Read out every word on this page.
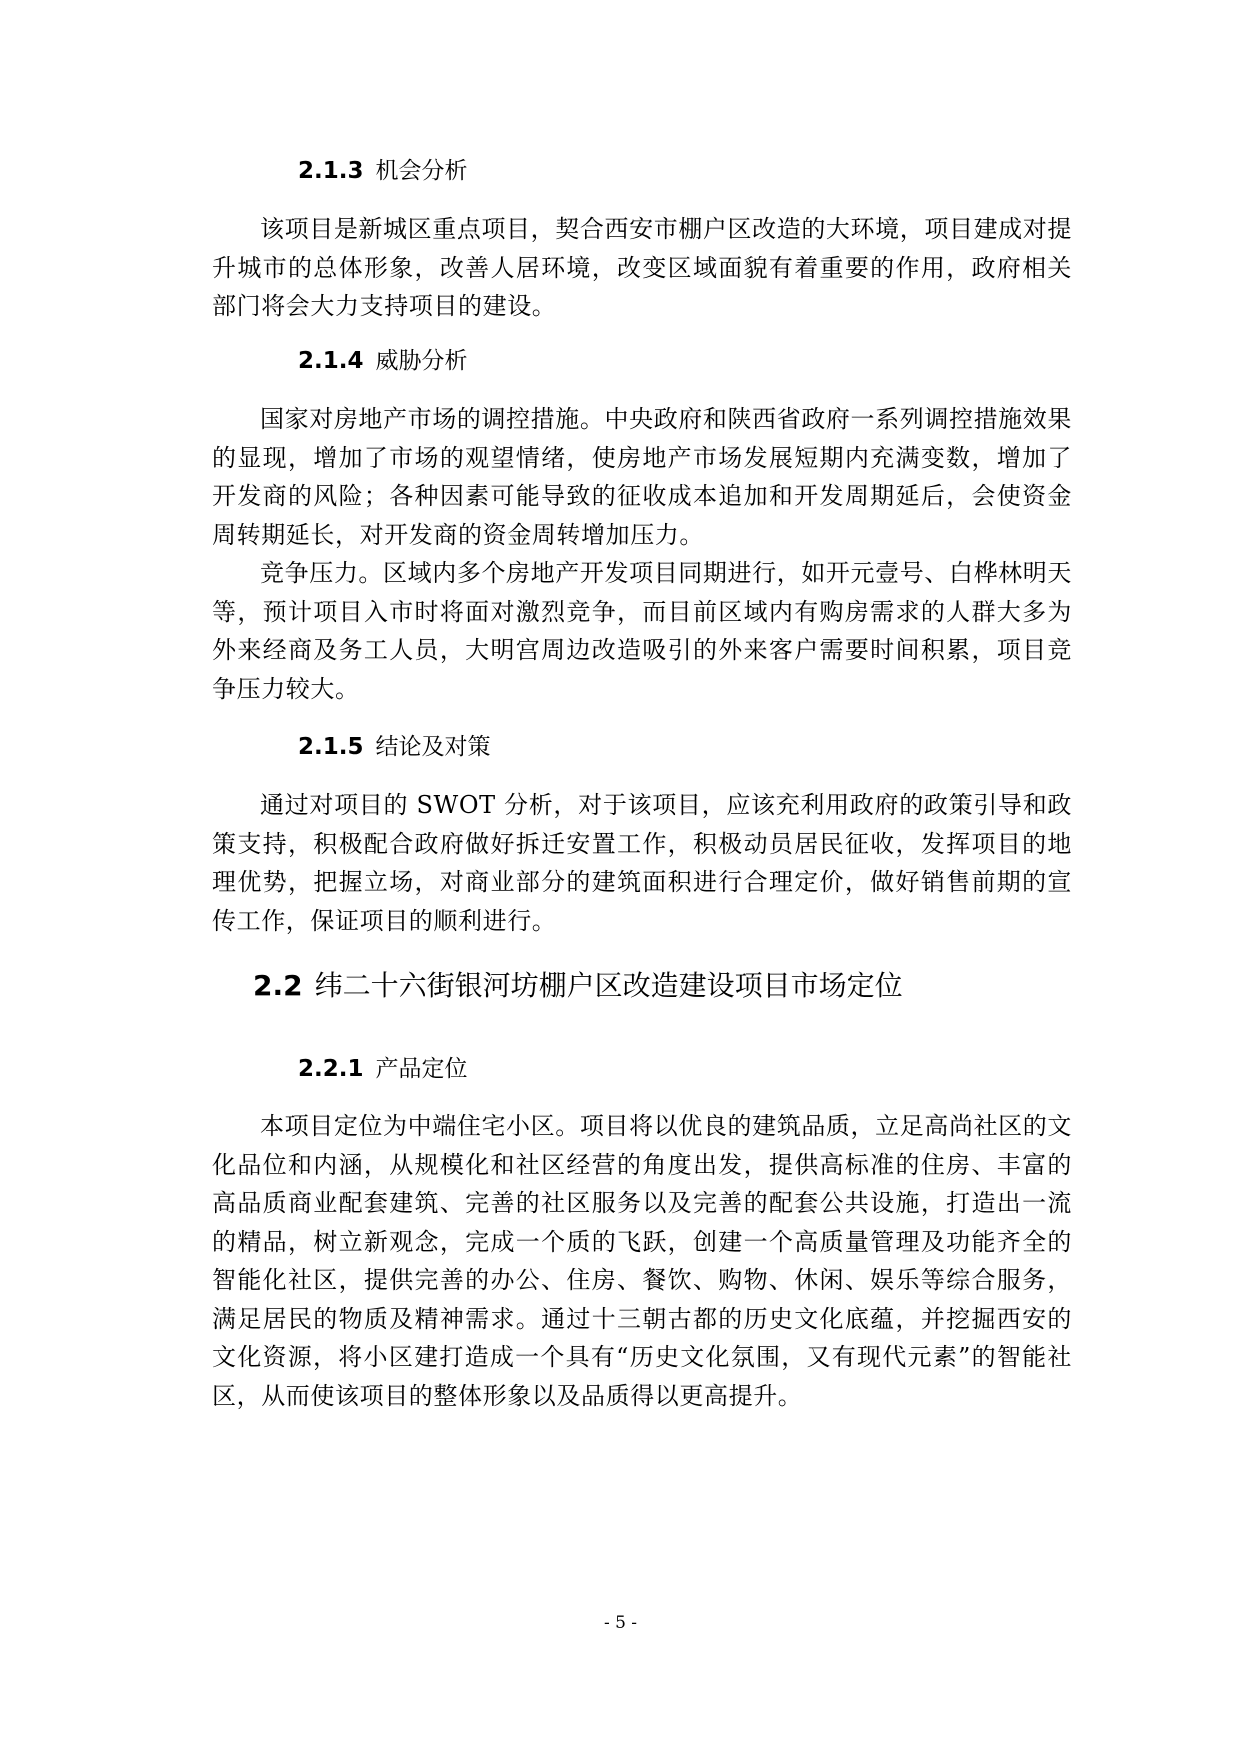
2.1.3 机会分析

该项目是新城区重点项目，契合西安市棚户区改造的大环境，项目建成对提升城市的总体形象，改善人居环境，改变区域面貌有着重要的作用，政府相关部门将会大力支持项目的建设。

2.1.4 威胁分析

国家对房地产市场的调控措施。中央政府和陕西省政府一系列调控措施效果的显现，增加了市场的观望情绪，使房地产市场发展短期内充满变数，增加了开发商的风险；各种因素可能导致的征收成本追加和开发周期延后，会使资金周转期延长，对开发商的资金周转增加压力。

竞争压力。区域内多个房地产开发项目同期进行，如开元壹号、白桦林明天等，预计项目入市时将面对激烈竞争，而目前区域内有购房需求的人群大多为外来经商及务工人员，大明宫周边改造吸引的外来客户需要时间积累，项目竞争压力较大。

2.1.5 结论及对策

通过对项目的 SWOT 分析，对于该项目，应该充利用政府的政策引导和政策支持，积极配合政府做好拆迁安置工作，积极动员居民征收，发挥项目的地理优势，把握立场，对商业部分的建筑面积进行合理定价，做好销售前期的宣传工作，保证项目的顺利进行。

2.2 纬二十六街银河坊棚户区改造建设项目市场定位
2.2.1 产品定位

本项目定位为中端住宅小区。项目将以优良的建筑品质，立足高尚社区的文化品位和内涵，从规模化和社区经营的角度出发，提供高标准的住房、丰富的高品质商业配套建筑、完善的社区服务以及完善的配套公共设施，打造出一流的精品，树立新观念，完成一个质的飞跃，创建一个高质量管理及功能齐全的智能化社区，提供完善的办公、住房、餐饮、购物、休闲、娱乐等综合服务，满足居民的物质及精神需求。通过十三朝古都的历史文化底蕴，并挖掘西安的文化资源，将小区建打造成一个具有“历史文化氛围，又有现代元素”的智能社区，从而使该项目的整体形象以及品质得以更高提升。

- 5 -
